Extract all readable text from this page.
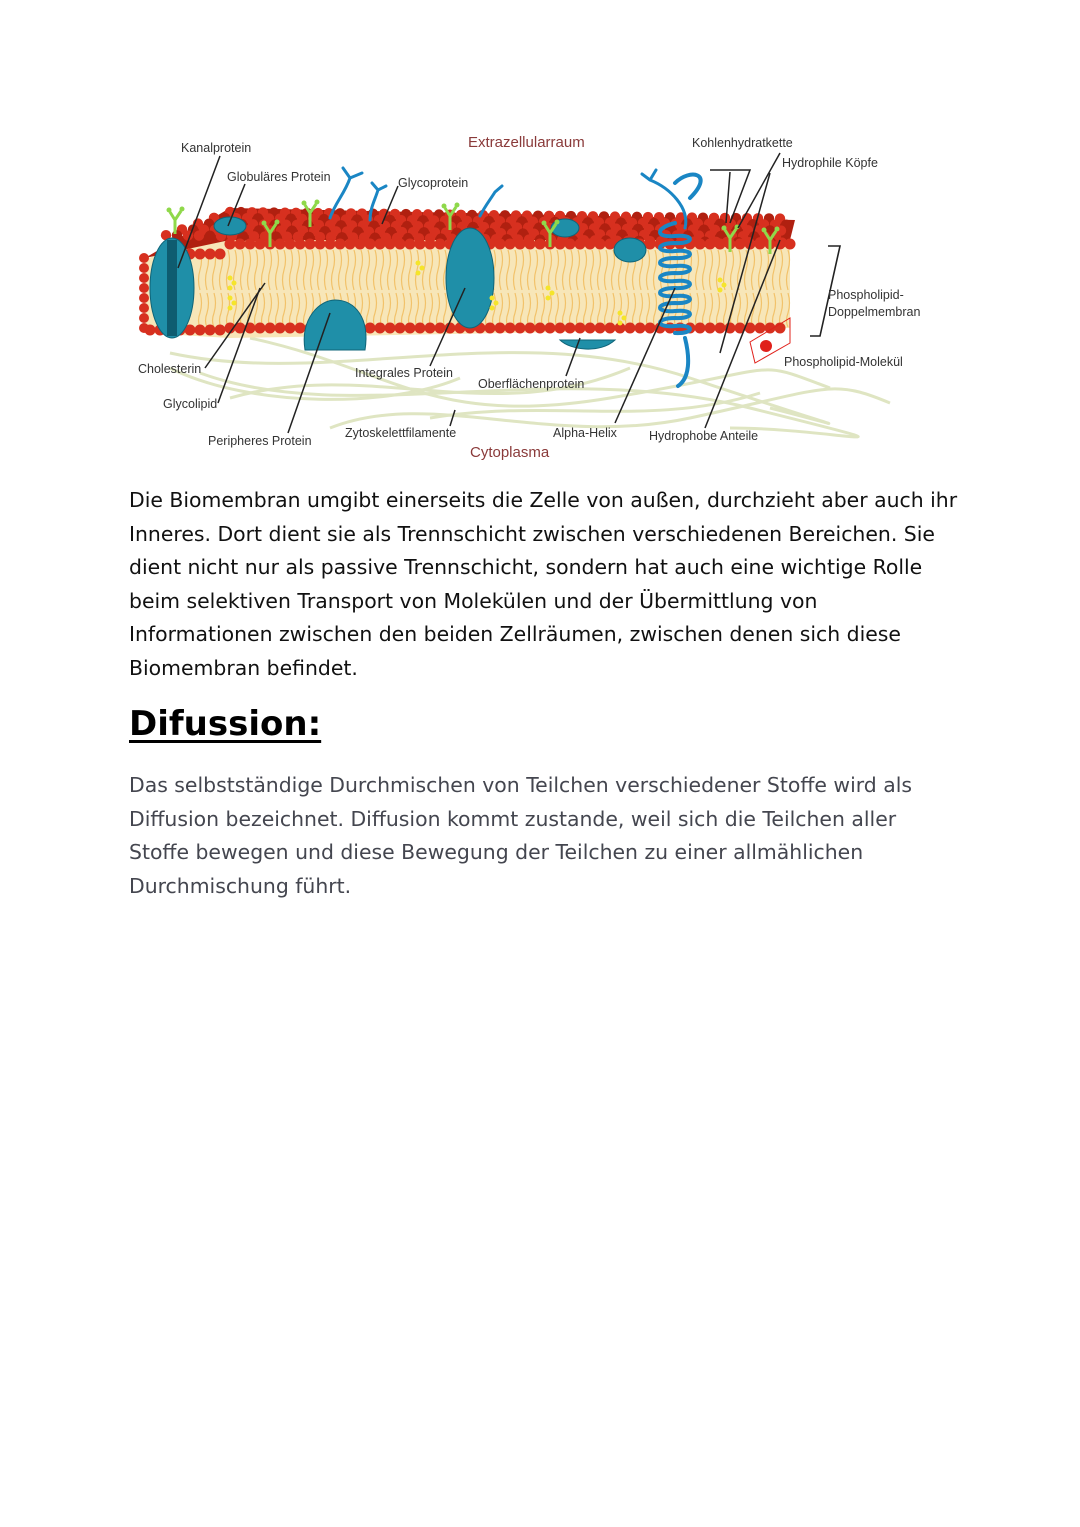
Extrazellularraum
Cytoplasma
Kanalprotein
Globuläres Protein	Glycoprotein
Kohlenhydratkette
Hydrophile Köpfe
Phospholipid-
Doppelmembran
Phospholipid-Molekül
Cholesterin
Glycolipid
Peripheres Protein
Integrales Protein
Oberflächenprotein
Zytoskelettfilamente	Alpha-Helix	Hydrophobe Anteile

Die Biomembran umgibt einerseits die Zelle von außen, durchzieht aber auch ihr Inneres. Dort dient sie als Trennschicht zwischen verschiedenen Bereichen. Sie dient nicht nur als passive Trennschicht, sondern hat auch eine wichtige Rolle beim selektiven Transport von Molekülen und der Übermittlung von Informationen zwischen den beiden Zellräumen, zwischen denen sich diese Biomembran befindet.

Difussion:

Das selbstständige Durchmischen von Teilchen verschiedener Stoffe wird als Diffusion bezeichnet. Diffusion kommt zustande, weil sich die Teilchen aller Stoffe bewegen und diese Bewegung der Teilchen zu einer allmählichen Durchmischung führt.
